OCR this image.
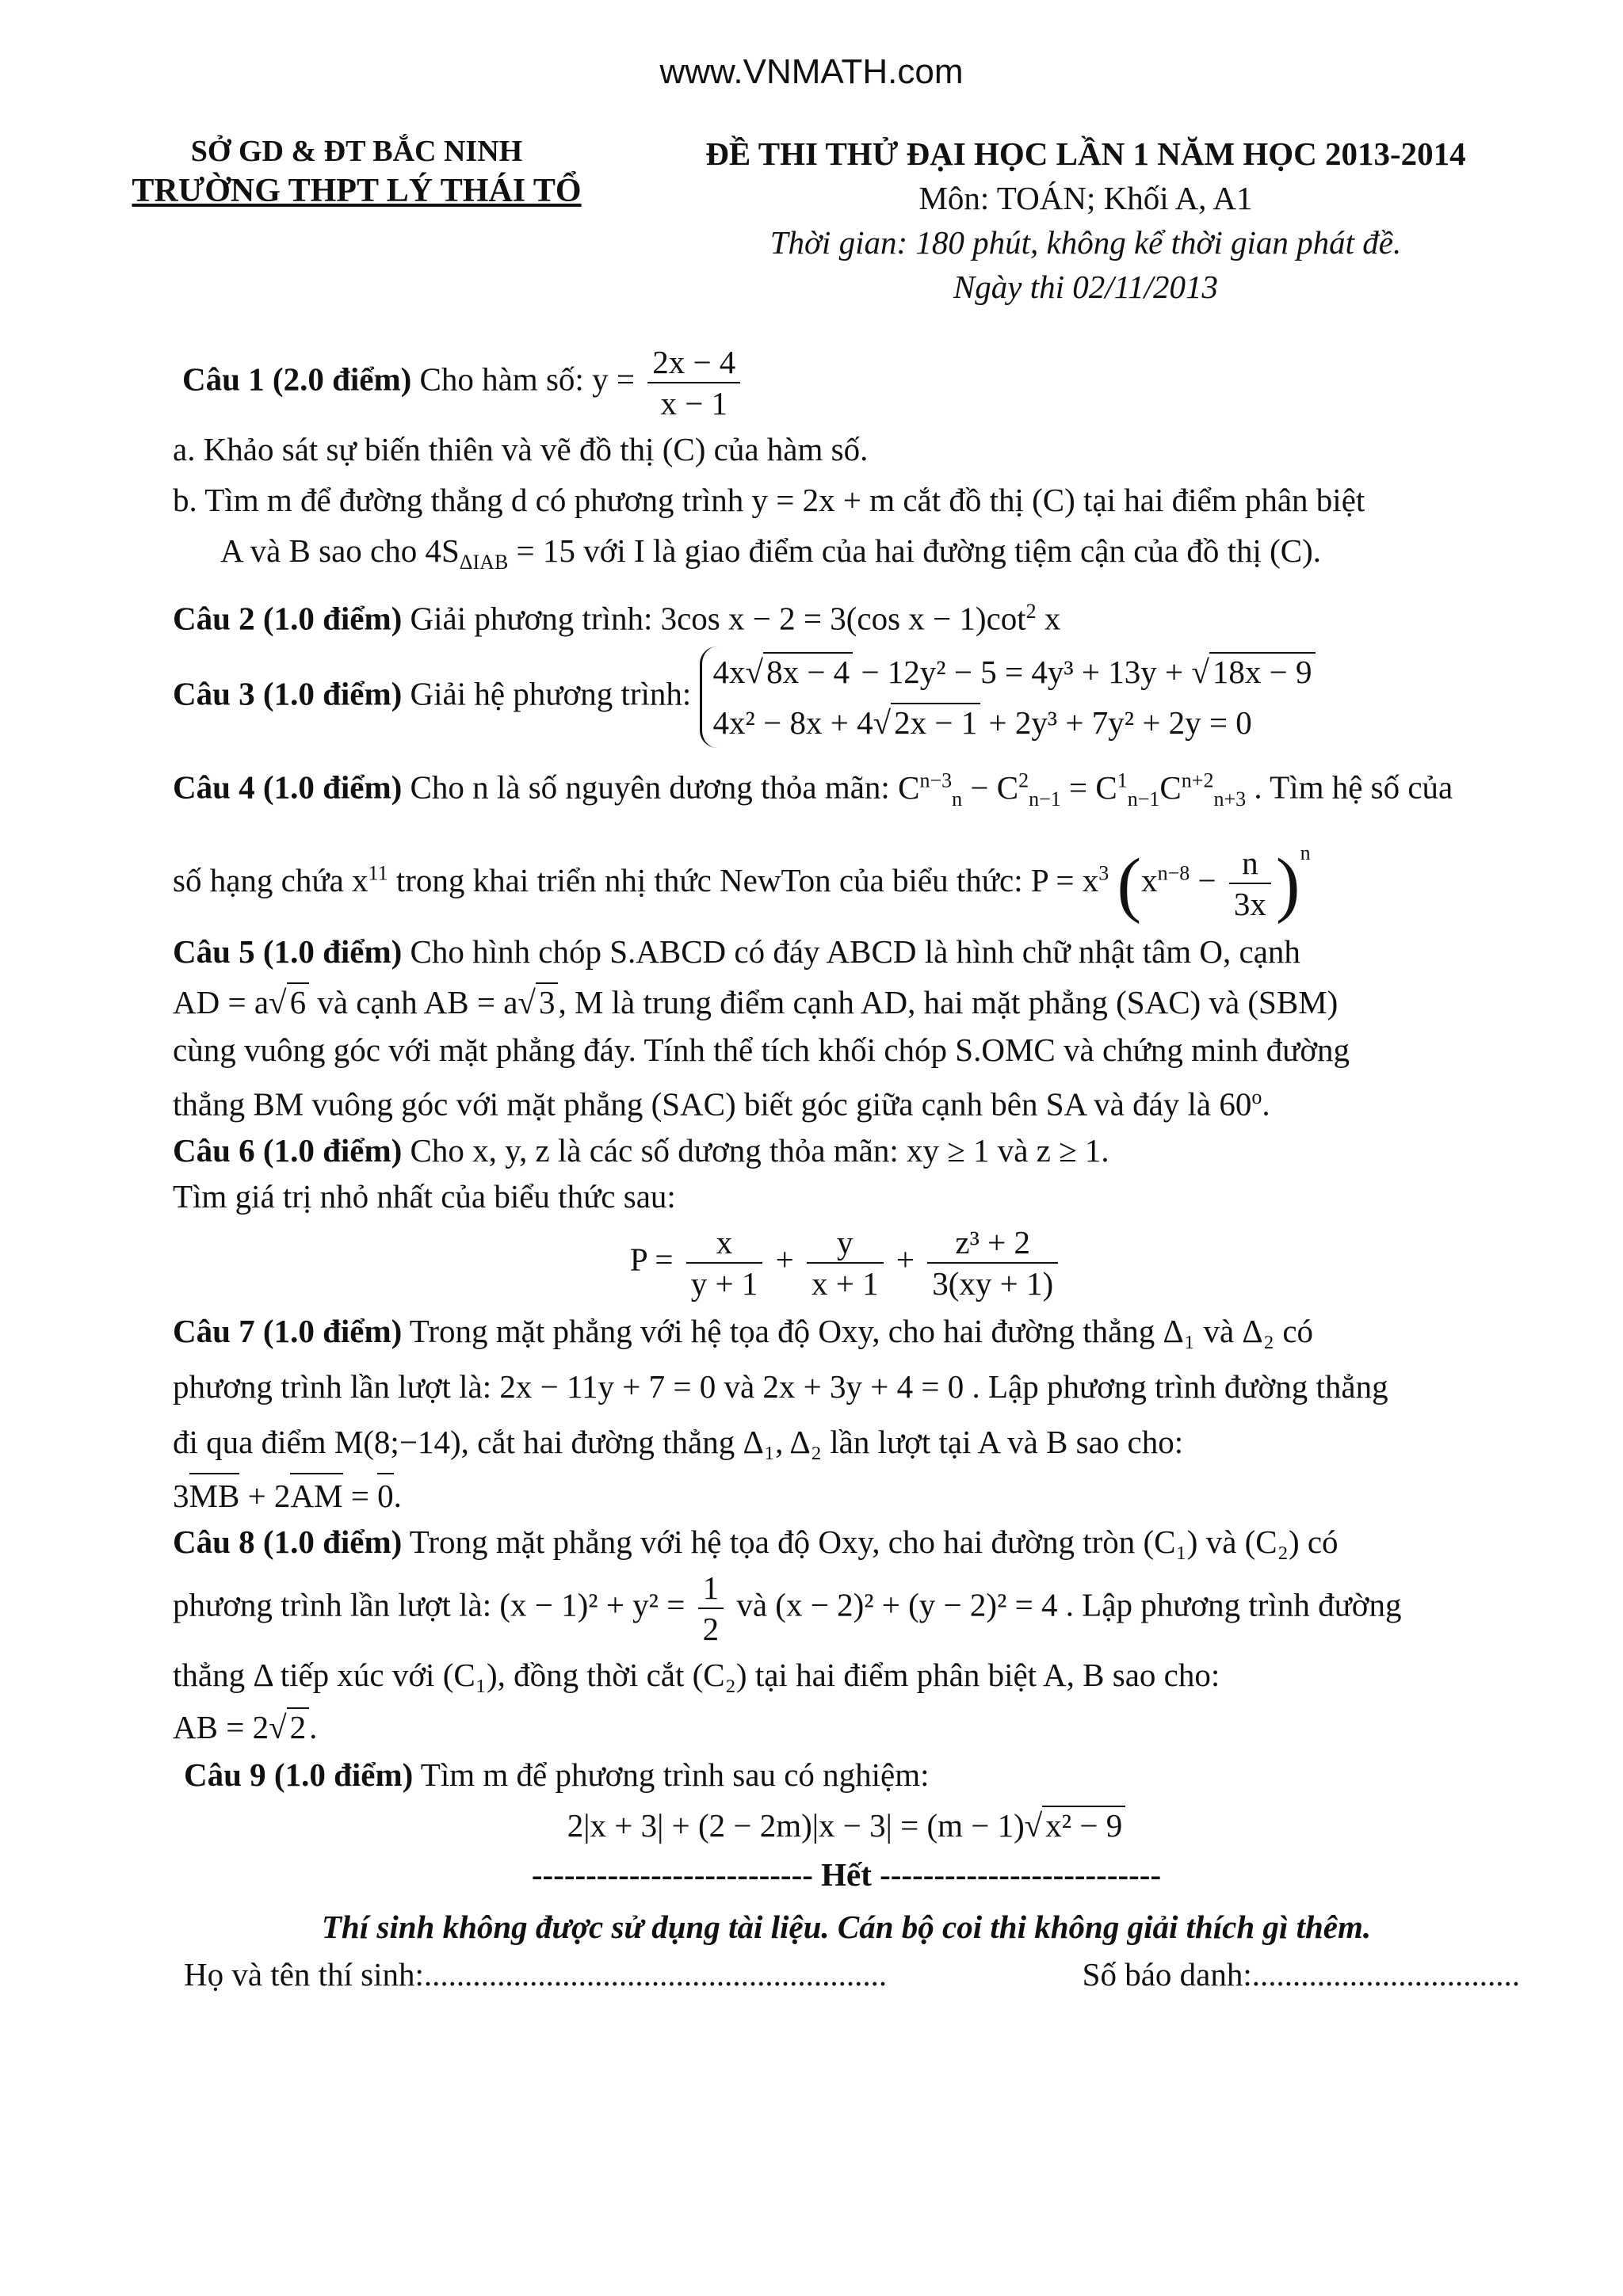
www.VNMATH.com
SỞ GD & ĐT BẮC NINH
TRƯỜNG THPT LÝ THÁI TỔ
ĐỀ THI THỬ ĐẠI HỌC LẦN 1 NĂM HỌC 2013-2014
Môn: TOÁN; Khối A, A1
Thời gian: 180 phút, không kể thời gian phát đề.
Ngày thi 02/11/2013
Câu 1 (2.0 điểm) Cho hàm số: $y = \frac{2x - 4}{x - 1}$
a. Khảo sát sự biến thiên và vẽ đồ thị (C) của hàm số.
b. Tìm m để đường thẳng d có phương trình y = 2x + m cắt đồ thị (C) tại hai điểm phân biệt
A và B sao cho $4S_{\Delta IAB} = 15$ với I là giao điểm của hai đường tiệm cận của đồ thị (C).
Câu 2 (1.0 điểm) Giải phương trình: 3cos x − 2 = 3(cos $x - 1)\cot^2$ x
Câu 3 (1.0 điểm) Giải hệ phương trình:
4x√8x − 4 − 12y² − 5 = 4y³ + 13y + √18x − 9
4x² − 8x + 4√2x − 1 + 2y³ + 7y² + 2y = 0
Câu 4 (1.0 điểm) Cho n là số nguyên dương thỏa mãn: $C^{n-3}_n - C^2_{n-1} = C^1_{n-1}C^{n+2}_{n+3}$ . Tìm hệ số của
số hạng chứa $x^{11}$ trong khai triển nhị thức NewTon của biểu thức: $P = x^3$ $(x^{n-8} - \frac{n}{3x} )^n$
Câu 5 (1.0 điểm) Cho hình chóp S.ABCD có đáy ABCD là hình chữ nhật tâm O, cạnh
AD = a√6 và cạnh AB = a√3, M là trung điểm cạnh AD, hai mặt phẳng (SAC) và (SBM)
cùng vuông góc với mặt phẳng đáy. Tính thể tích khối chóp S.OMC và chứng minh đường
thẳng BM vuông góc với mặt phẳng (SAC) biết góc giữa cạnh bên SA và đáy là 60$^o$.
Câu 6 (1.0 điểm) Cho x, y, z là các số dương thỏa mãn: xy ≥ 1 và z ≥ 1.
Tìm giá trị nhỏ nhất của biểu thức sau:
$P = \frac{x}{y + 1} + \frac{y}{x + 1} + \frac{\text{z³ + 2}}{3(xy + 1)}$
Câu 7 (1.0 điểm) Trong mặt phẳng với hệ tọa độ Oxy, cho hai đường thẳng Δ₁ và Δ₂ có
phương trình lần lượt là: 2x − 11y + 7 = 0 và 2x + 3y + 4 = 0 . Lập phương trình đường thẳng
đi qua điểm M(8;−14), cắt hai đường thẳng Δ₁, Δ₂ lần lượt tại A và B sao cho:
3MB + 2AM = 0.
Câu 8 (1.0 điểm) Trong mặt phẳng với hệ tọa độ Oxy, cho hai đường tròn (C₁) và (C₂) có
phương trình lần lượt là: $(x - 1)^2 + y^2 = \frac{1}{2}$ và (x − 2)² + (y − 2)² = 4 . Lập phương trình đường
thẳng Δ tiếp xúc với (C₁), đồng thời cắt (C₂) tại hai điểm phân biệt A, B sao cho:
AB = 2√2.
Câu 9 (1.0 điểm) Tìm m để phương trình sau có nghiệm:
2|x + 3| + (2 − 2m)|x − 3| = (m − 1)√x² − 9
-------------------------- Hết --------------------------
Thí sinh không được sử dụng tài liệu. Cán bộ coi thi không giải thích gì thêm.
Họ và tên thí sinh:.........................................................	Số báo danh:.................................
